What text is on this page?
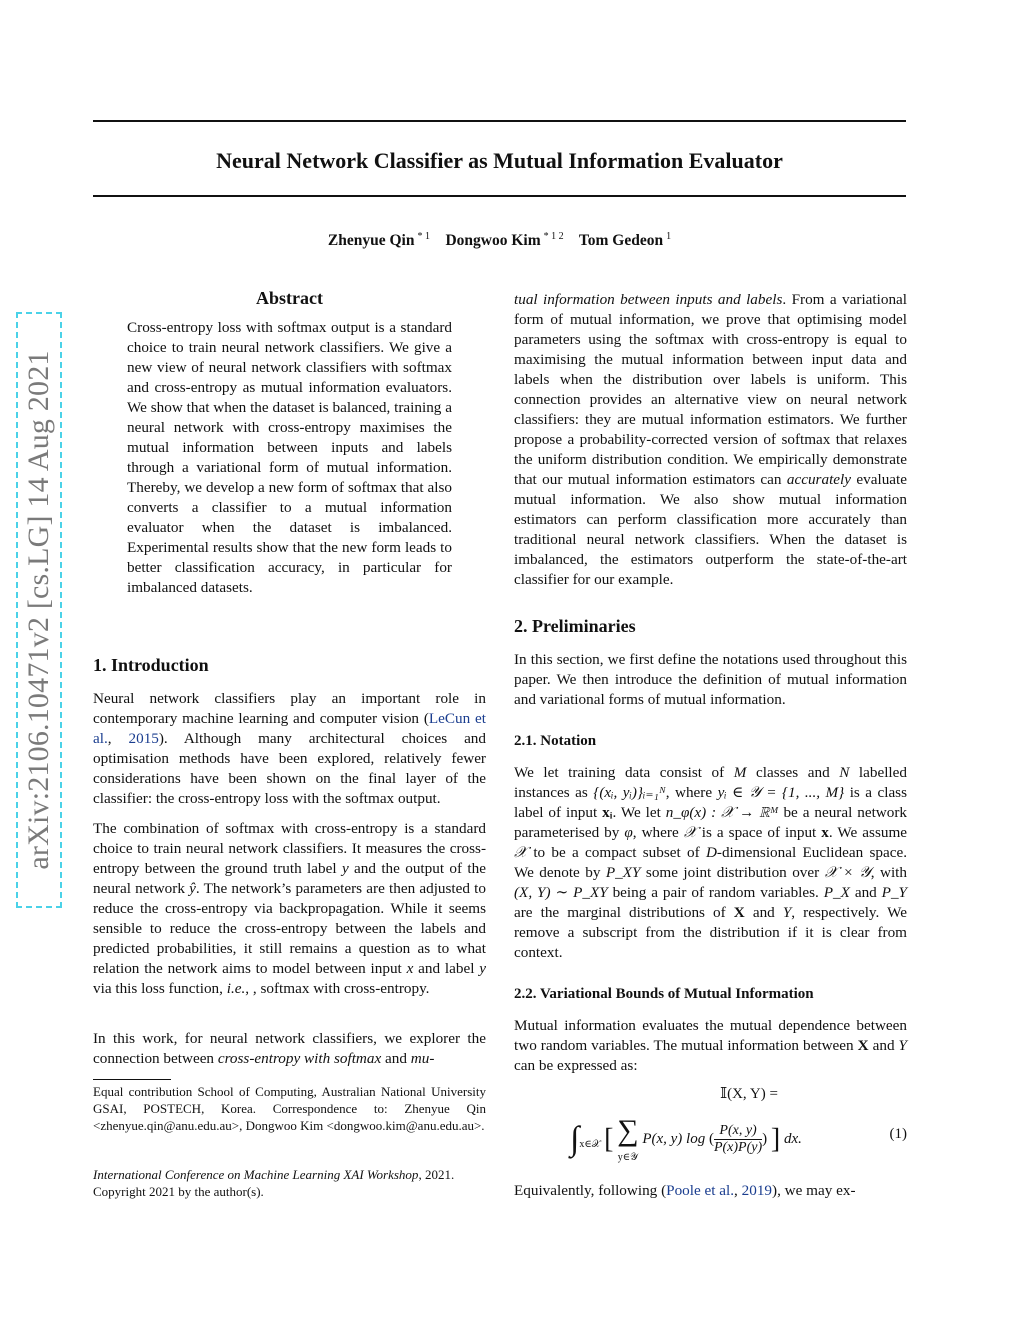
arXiv:2106.10471v2 [cs.LG] 14 Aug 2021
Neural Network Classifier as Mutual Information Evaluator
Zhenyue Qin $^{* 1}$ Dongwoo Kim $^{* 1 2}$ Tom Gedeon $^1$
Abstract

Cross-entropy loss with softmax output is a standard choice to train neural network classifiers. We give a new view of neural network classifiers with softmax and cross-entropy as mutual information evaluators. We show that when the dataset is balanced, training a neural network with cross-entropy maximises the mutual information between inputs and labels through a variational form of mutual information. Thereby, we develop a new form of softmax that also converts a classifier to a mutual information evaluator when the dataset is imbalanced. Experimental results show that the new form leads to better classification accuracy, in particular for imbalanced datasets.

1. Introduction

Neural network classifiers play an important role in contemporary machine learning and computer vision (LeCun et al., 2015). Although many architectural choices and optimisation methods have been explored, relatively fewer considerations have been shown on the final layer of the classifier: the cross-entropy loss with the softmax output.

The combination of softmax with cross-entropy is a standard choice to train neural network classifiers. It measures the cross-entropy between the ground truth label y and the output of the neural network ŷ. The network’s parameters are then adjusted to reduce the cross-entropy via backpropagation. While it seems sensible to reduce the cross-entropy between the labels and predicted probabilities, it still remains a question as to what relation the network aims to model between input x and label y via this loss function, i.e., , softmax with cross-entropy.

In this work, for neural network classifiers, we explorer the connection between cross-entropy with softmax and mu-

Equal contribution School of Computing, Australian National University GSAI, POSTECH, Korea. Correspondence to: Zhenyue Qin <zhenyue.qin@anu.edu.au>, Dongwoo Kim <dongwoo.kim@anu.edu.au>.

International Conference on Machine Learning XAI Workshop, 2021. Copyright 2021 by the author(s).

tual information between inputs and labels. From a variational form of mutual information, we prove that optimising model parameters using the softmax with cross-entropy is equal to maximising the mutual information between input data and labels when the distribution over labels is uniform. This connection provides an alternative view on neural network classifiers: they are mutual information estimators. We further propose a probability-corrected version of softmax that relaxes the uniform distribution condition. We empirically demonstrate that our mutual information estimators can accurately evaluate mutual information. We also show mutual information estimators can perform classification more accurately than traditional neural network classifiers. When the dataset is imbalanced, the estimators outperform the state-of-the-art classifier for our example.

2. Preliminaries

In this section, we first define the notations used throughout this paper. We then introduce the definition of mutual information and variational forms of mutual information.

2.1. Notation

We let training data consist of M classes and N labelled instances as {(xᵢ, yᵢ)}ᵢ₌₁ᴺ, where yᵢ ∈ 𝒴 = {1, ..., M} is a class label of input xᵢ. We let n_φ(x) : 𝒳 → ℝᴹ be a neural network parameterised by φ, where 𝒳 is a space of input x. We assume 𝒳 to be a compact subset of D-dimensional Euclidean space. We denote by P_XY some joint distribution over 𝒳 × 𝒴, with (X, Y) ∼ P_XY being a pair of random variables. P_X and P_Y are the marginal distributions of X and Y, respectively. We remove a subscript from the distribution if it is clear from context.

2.2. Variational Bounds of Mutual Information

Mutual information evaluates the mutual dependence between two random variables. The mutual information between X and Y can be expressed as:

𝕀(X, Y) =
$\int_{x\in 𝒳}$ [ ∑
y∈𝒴 P(x, y) log ( $\frac{P(x, y)}{P(x)P(y)}$ ) ] dx.	(1)

Equivalently, following (Poole et al., 2019), we may ex-
